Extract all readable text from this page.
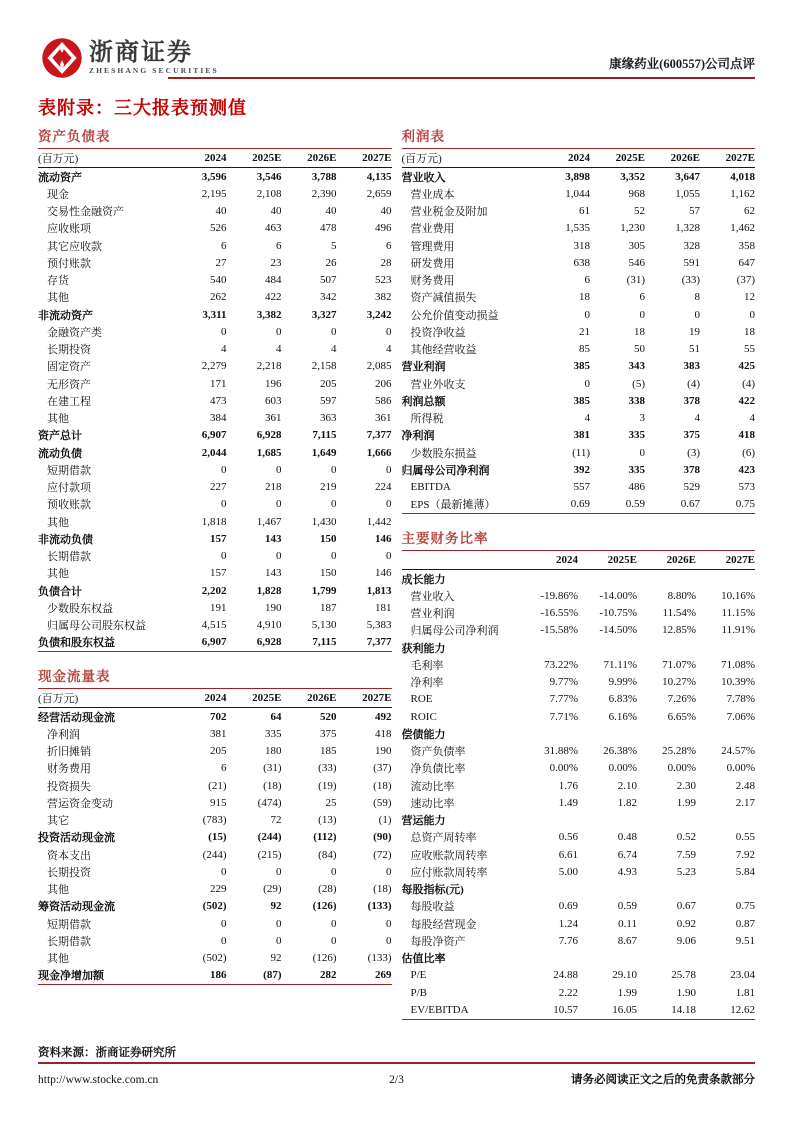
浙商证券
ZHESHANG SECURITIES	康缘药业(600557)公司点评
表附录：三大报表预测值
资产负债表
(百万元)	2024	2025E	2026E	2027E
流动资产	3,596	3,546	3,788	4,135
现金	2,195	2,108	2,390	2,659
交易性金融资产	40	40	40	40
应收账项	526	463	478	496
其它应收款	6	6	5	6
预付账款	27	23	26	28
存货	540	484	507	523
其他	262	422	342	382
非流动资产	3,311	3,382	3,327	3,242
金融资产类	0	0	0	0
长期投资	4	4	4	4
固定资产	2,279	2,218	2,158	2,085
无形资产	171	196	205	206
在建工程	473	603	597	586
其他	384	361	363	361
资产总计	6,907	6,928	7,115	7,377
流动负债	2,044	1,685	1,649	1,666
短期借款	0	0	0	0
应付款项	227	218	219	224
预收账款	0	0	0	0
其他	1,818	1,467	1,430	1,442
非流动负债	157	143	150	146
长期借款	0	0	0	0
其他	157	143	150	146
负债合计	2,202	1,828	1,799	1,813
少数股东权益	191	190	187	181
归属母公司股东权益	4,515	4,910	5,130	5,383
负债和股东权益	6,907	6,928	7,115	7,377
现金流量表
(百万元)	2024	2025E	2026E	2027E
经营活动现金流	702	64	520	492
净利润	381	335	375	418
折旧摊销	205	180	185	190
财务费用	6	(31)	(33)	(37)
投资损失	(21)	(18)	(19)	(18)
营运资金变动	915	(474)	25	(59)
其它	(783)	72	(13)	(1)
投资活动现金流	(15)	(244)	(112)	(90)
资本支出	(244)	(215)	(84)	(72)
长期投资	0	0	0	0
其他	229	(29)	(28)	(18)
筹资活动现金流	(502)	92	(126)	(133)
短期借款	0	0	0	0
长期借款	0	0	0	0
其他	(502)	92	(126)	(133)
现金净增加额	186	(87)	282	269
利润表
(百万元)	2024	2025E	2026E	2027E
营业收入	3,898	3,352	3,647	4,018
营业成本	1,044	968	1,055	1,162
营业税金及附加	61	52	57	62
营业费用	1,535	1,230	1,328	1,462
管理费用	318	305	328	358
研发费用	638	546	591	647
财务费用	6	(31)	(33)	(37)
资产减值损失	18	6	8	12
公允价值变动损益	0	0	0	0
投资净收益	21	18	19	18
其他经营收益	85	50	51	55
营业利润	385	343	383	425
营业外收支	0	(5)	(4)	(4)
利润总额	385	338	378	422
所得税	4	3	4	4
净利润	381	335	375	418
少数股东损益	(11)	0	(3)	(6)
归属母公司净利润	392	335	378	423
EBITDA	557	486	529	573
EPS（最新摊薄）	0.69	0.59	0.67	0.75
主要财务比率
2024	2025E	2026E	2027E
成长能力
营业收入	-19.86%	-14.00%	8.80%	10.16%
营业利润	-16.55%	-10.75%	11.54%	11.15%
归属母公司净利润	-15.58%	-14.50%	12.85%	11.91%
获利能力
毛利率	73.22%	71.11%	71.07%	71.08%
净利率	9.77%	9.99%	10.27%	10.39%
ROE	7.77%	6.83%	7.26%	7.78%
ROIC	7.71%	6.16%	6.65%	7.06%
偿债能力
资产负债率	31.88%	26.38%	25.28%	24.57%
净负债比率	0.00%	0.00%	0.00%	0.00%
流动比率	1.76	2.10	2.30	2.48
速动比率	1.49	1.82	1.99	2.17
营运能力
总资产周转率	0.56	0.48	0.52	0.55
应收账款周转率	6.61	6.74	7.59	7.92
应付账款周转率	5.00	4.93	5.23	5.84
每股指标(元)
每股收益	0.69	0.59	0.67	0.75
每股经营现金	1.24	0.11	0.92	0.87
每股净资产	7.76	8.67	9.06	9.51
估值比率
P/E	24.88	29.10	25.78	23.04
P/B	2.22	1.99	1.90	1.81
EV/EBITDA	10.57	16.05	14.18	12.62
资料来源：浙商证券研究所
http://www.stocke.com.cn	2/3	请务必阅读正文之后的免责条款部分
